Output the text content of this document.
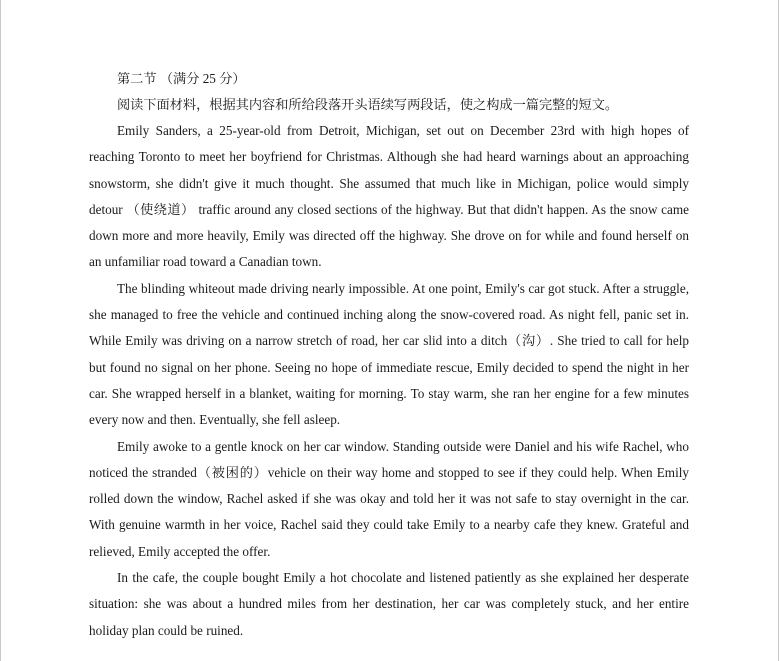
第二节 （满分 25 分）
阅读下面材料，根据其内容和所给段落开头语续写两段话，使之构成一篇完整的短文。

Emily Sanders, a 25-year-old from Detroit, Michigan, set out on December 23rd with high hopes of reaching Toronto to meet her boyfriend for Christmas. Although she had heard warnings about an approaching snowstorm, she didn't give it much thought. She assumed that much like in Michigan, police would simply detour （使绕道） traffic around any closed sections of the highway. But that didn't happen. As the snow came down more and more heavily, Emily was directed off the highway. She drove on for while and found herself on an unfamiliar road toward a Canadian town.

The blinding whiteout made driving nearly impossible. At one point, Emily's car got stuck. After a struggle, she managed to free the vehicle and continued inching along the snow-covered road. As night fell, panic set in. While Emily was driving on a narrow stretch of road, her car slid into a ditch（沟）. She tried to call for help but found no signal on her phone. Seeing no hope of immediate rescue, Emily decided to spend the night in her car. She wrapped herself in a blanket, waiting for morning. To stay warm, she ran her engine for a few minutes every now and then. Eventually, she fell asleep.

Emily awoke to a gentle knock on her car window. Standing outside were Daniel and his wife Rachel, who noticed the stranded（被困的）vehicle on their way home and stopped to see if they could help. When Emily rolled down the window, Rachel asked if she was okay and told her it was not safe to stay overnight in the car. With genuine warmth in her voice, Rachel said they could take Emily to a nearby cafe they knew. Grateful and relieved, Emily accepted the offer.

In the cafe, the couple bought Emily a hot chocolate and listened patiently as she explained her desperate situation: she was about a hundred miles from her destination, her car was completely stuck, and her entire holiday plan could be ruined.
